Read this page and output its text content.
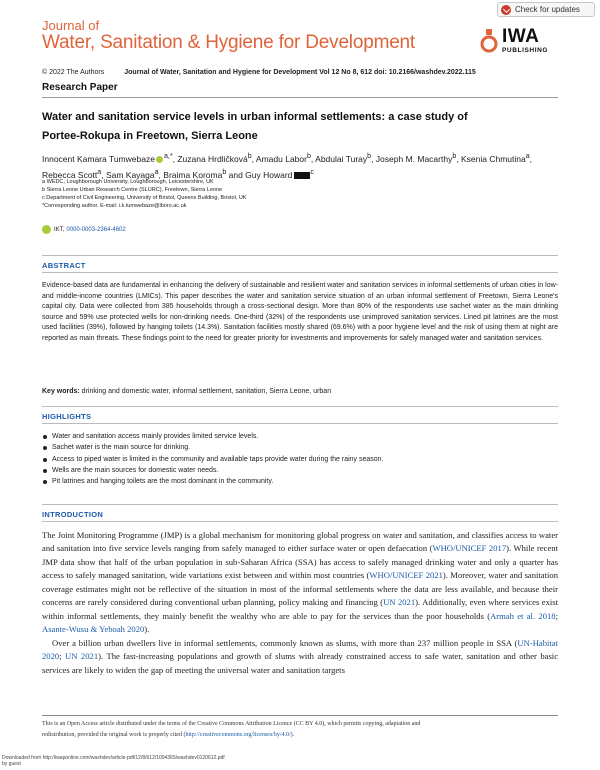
Journal of
Water, Sanitation & Hygiene for Development
Check for updates
IWA
PUBLISHING
© 2022 The Authors	Journal of Water, Sanitation and Hygiene for Development Vol 12 No 8, 612 doi: 10.2166/washdev.2022.115
Research Paper
Water and sanitation service levels in urban informal settlements: a case study of
Portee-Rokupa in Freetown, Sierra Leone
Innocent Kamara Tumwebaze $^{a,*}$, Zuzana Hrdličková$^b$, Amadu Labor$^b$, Abdulai Turay$^b$, Joseph M. Macarthy$^b$, Ksenia Chmutina$^a$, Rebecca Scott$^a$, Sam Kayaga$^a$, Braima Koroma$^b$ and Guy Howard	$^c$
a WEDC, Loughborough University, Loughborough, Leicestershire, UK
b Sierra Leone Urban Research Centre (SLURC), Freetown, Sierra Leone
c Department of Civil Engineering, University of Bristol, Queens Building, Bristol, UK
*Corresponding author. E-mail: i.k.tumwebaze@lboro.ac.uk
IKT, 0000-0003-2364-4602
ABSTRACT
Evidence-based data are fundamental in enhancing the delivery of sustainable and resilient water and sanitation services in informal settlements of urban cities in low- and middle-income countries (LMICs). This paper describes the water and sanitation service situation of an urban informal settlement of Freetown, Sierra Leone's capital city. Data were collected from 385 households through a cross-sectional design. More than 80% of the respondents use sachet water as the main drinking source and 59% use protected wells for non-drinking needs. One-third (32%) of the respondents use unimproved sanitation services. Lined pit latrines are the most used facilities (39%), followed by hanging toilets (14.3%). Sanitation facilities mostly shared (69.6%) with a poor hygiene level and the risk of using them at night are reported as main threats. These findings point to the need for greater priority for investments and improvements for safely managed water and sanitation services.
Key words: drinking and domestic water, informal settlement, sanitation, Sierra Leone, urban
HIGHLIGHTS
Water and sanitation access mainly provides limited service levels.
Sachet water is the main source for drinking.
Access to piped water is limited in the community and available taps provide water during the rainy season.
Wells are the main sources for domestic water needs.
Pit latrines and hanging toilets are the most dominant in the community.
INTRODUCTION

The Joint Monitoring Programme (JMP) is a global mechanism for monitoring global progress on water and sanitation, and classifies access to water and sanitation into five service levels ranging from safely managed to either surface water or open defaecation (WHO/UNICEF 2017). While recent JMP data show that half of the urban population in sub-Saharan Africa (SSA) has access to safely managed drinking water and only a quarter has access to safely managed sanitation, wide variations exist between and within most countries (WHO/UNICEF 2021). Moreover, water and sanitation coverage estimates might not be reflective of the situation in most of the informal settlements where the data are less available, and because their concerns are rarely considered during conventional urban planning, policy making and financing (UN 2021). Additionally, even where services exist within informal settlements, they mainly benefit the wealthy who are able to pay for the services than the poor households (Armah et al. 2018; Asante-Wusu & Yeboah 2020).

Over a billion urban dwellers live in informal settlements, commonly known as slums, with more than 237 million people in SSA (UN-Habitat 2020; UN 2021). The fast-increasing populations and growth of slums with already constrained access to safe water, sanitation and other basic services are likely to widen the gap of meeting the universal water and sanitation targets

This is an Open Access article distributed under the terms of the Creative Commons Attribution Licence (CC BY 4.0), which permits copying, adaptation and
redistribution, provided the original work is properly cited (http://creativecommons.org/licenses/by/4.0/).
Downloaded from http://iwaponline.com/washdev/article-pdf/12/8/612/1094365/washdev0120612.pdf
by guest
